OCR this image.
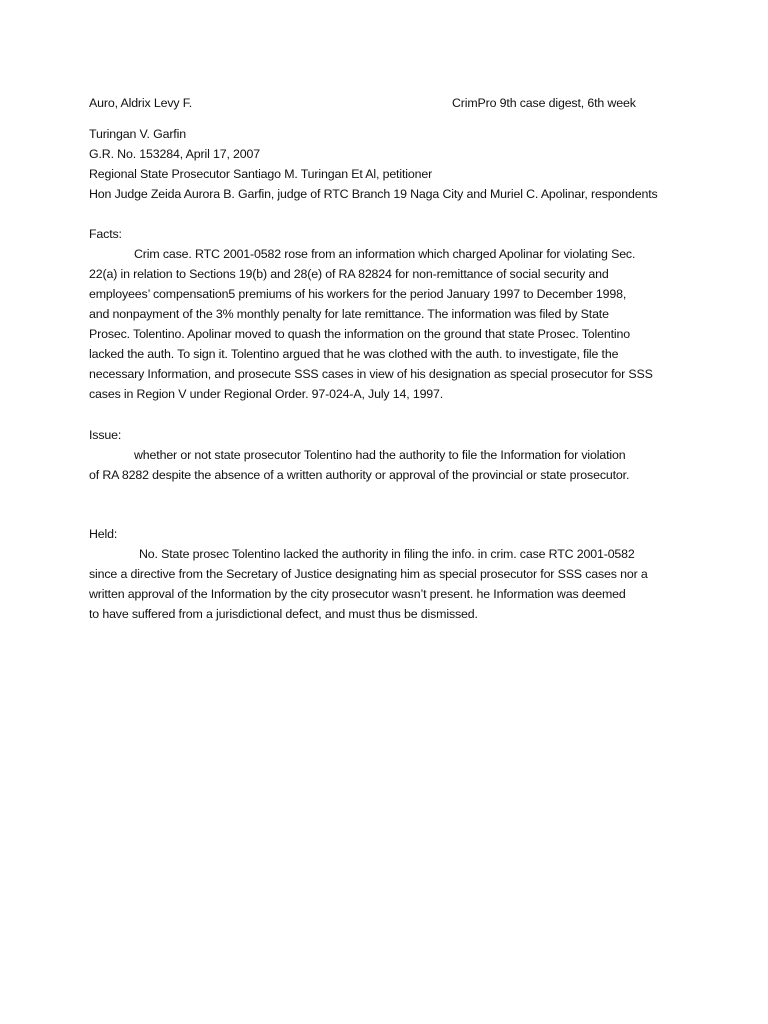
Auro, Aldrix Levy F.	CrimPro 9th case digest, 6th week
Turingan V. Garfin
G.R. No. 153284, April 17, 2007
Regional State Prosecutor Santiago M. Turingan Et Al, petitioner
Hon Judge Zeida Aurora B. Garfin, judge of RTC Branch 19 Naga City and Muriel C. Apolinar, respondents
Facts:
Crim case. RTC 2001-0582 rose from an information which charged Apolinar for violating Sec.
22(a) in relation to Sections 19(b) and 28(e) of RA 82824 for non-remittance of social security and
employees’ compensation5 premiums of his workers for the period January 1997 to December 1998,
and nonpayment of the 3% monthly penalty for late remittance. The information was filed by State
Prosec. Tolentino. Apolinar moved to quash the information on the ground that state Prosec. Tolentino
lacked the auth. To sign it. Tolentino argued that he was clothed with the auth. to investigate, file the
necessary Information, and prosecute SSS cases in view of his designation as special prosecutor for SSS
cases in Region V under Regional Order. 97-024-A, July 14, 1997.
Issue:
whether or not state prosecutor Tolentino had the authority to file the Information for violation
of RA 8282 despite the absence of a written authority or approval of the provincial or state prosecutor.
Held:
No. State prosec Tolentino lacked the authority in filing the info. in crim. case RTC 2001-0582
since a directive from the Secretary of Justice designating him as special prosecutor for SSS cases nor a
written approval of the Information by the city prosecutor wasn’t present. he Information was deemed
to have suffered from a jurisdictional defect, and must thus be dismissed.
